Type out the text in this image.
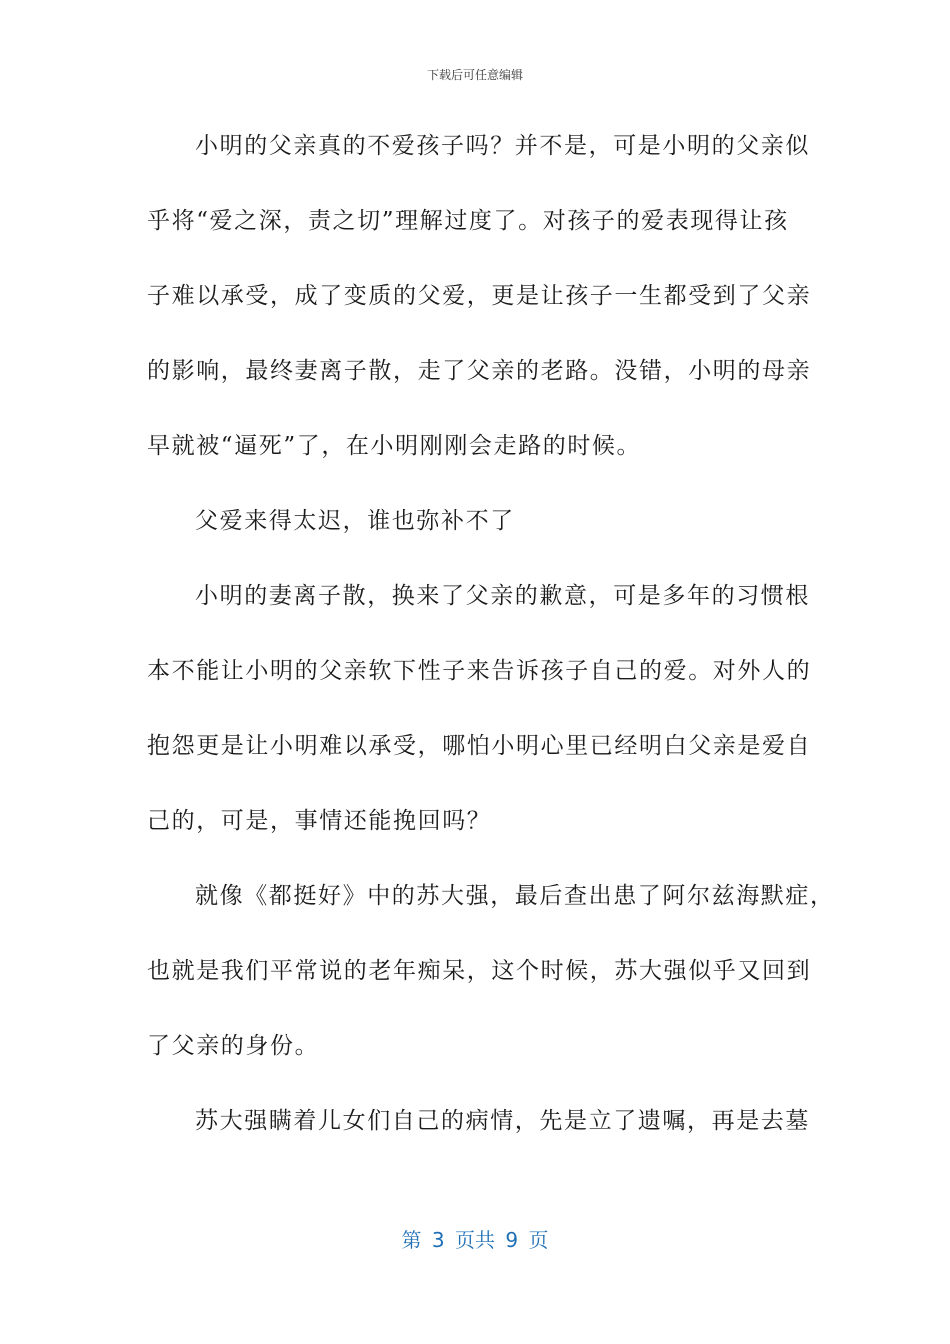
下载后可任意编辑
小明的父亲真的不爱孩子吗？并不是，可是小明的父亲似
乎将“爱之深，责之切”理解过度了。对孩子的爱表现得让孩
子难以承受，成了变质的父爱，更是让孩子一生都受到了父亲
的影响，最终妻离子散，走了父亲的老路。没错，小明的母亲
早就被“逼死”了，在小明刚刚会走路的时候。
父爱来得太迟，谁也弥补不了
小明的妻离子散，换来了父亲的歉意，可是多年的习惯根
本不能让小明的父亲软下性子来告诉孩子自己的爱。对外人的
抱怨更是让小明难以承受，哪怕小明心里已经明白父亲是爱自
己的，可是，事情还能挽回吗？
就像《都挺好》中的苏大强，最后查出患了阿尔兹海默症，
也就是我们平常说的老年痴呆，这个时候，苏大强似乎又回到
了父亲的身份。
苏大强瞒着儿女们自己的病情，先是立了遗嘱，再是去墓
第 3 页共 9 页
